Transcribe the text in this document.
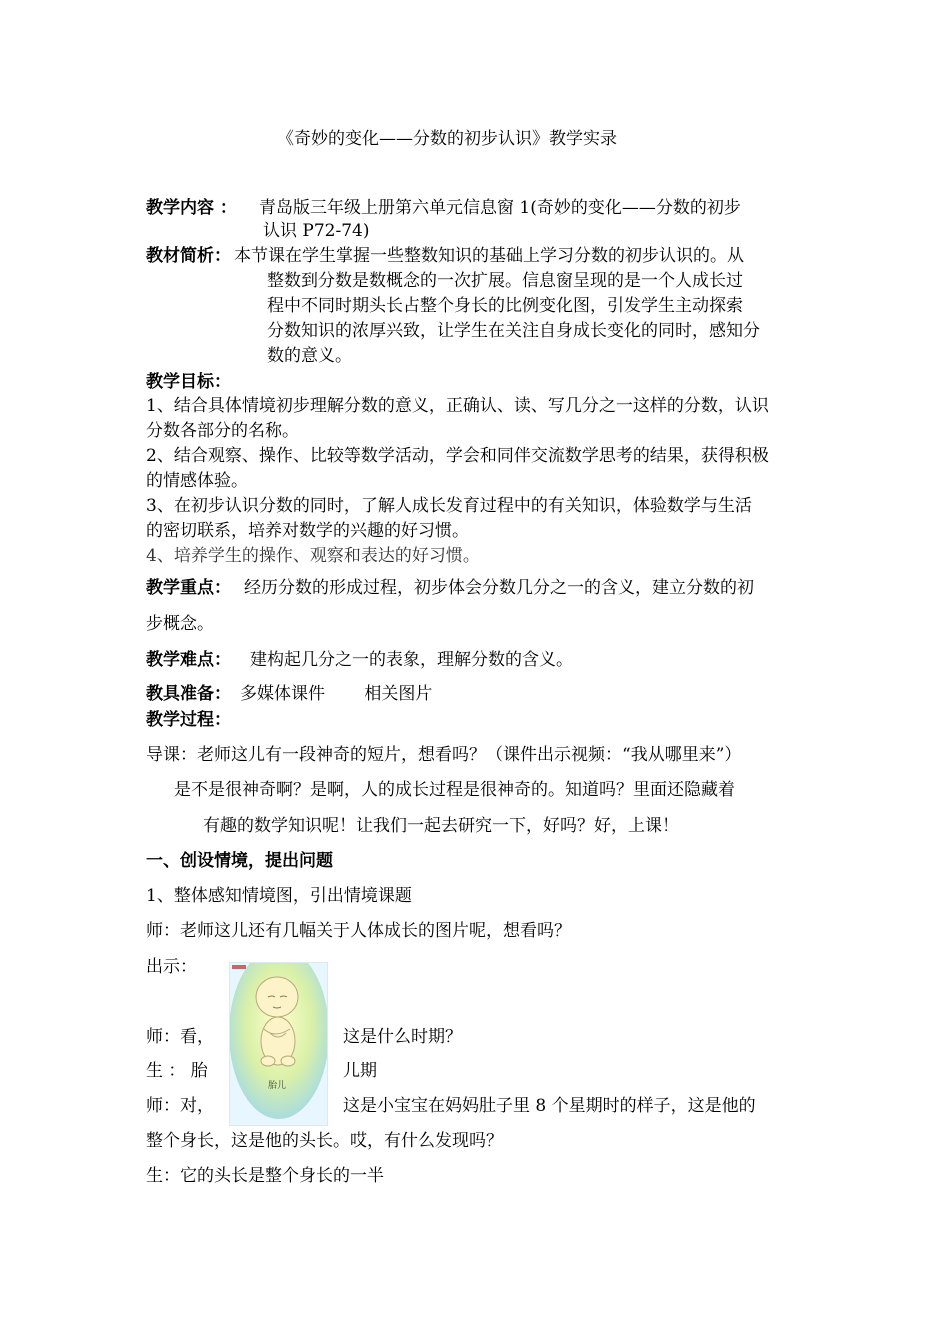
《奇妙的变化——分数的初步认识》教学实录
教学内容 ： 青岛版三年级上册第六单元信息窗 1(奇妙的变化——分数的初步
认识 P72-74)
教材简析： 本节课在学生掌握一些整数知识的基础上学习分数的初步认识的。从
整数到分数是数概念的一次扩展。信息窗呈现的是一个人成长过
程中不同时期头长占整个身长的比例变化图，引发学生主动探索
分数知识的浓厚兴致，让学生在关注自身成长变化的同时，感知分
数的意义。
教学目标：
1、结合具体情境初步理解分数的意义，正确认、读、写几分之一这样的分数，认识
分数各部分的名称。
2、结合观察、操作、比较等数学活动，学会和同伴交流数学思考的结果，获得积极
的情感体验。
3、在初步认识分数的同时，了解人成长发育过程中的有关知识，体验数学与生活
的密切联系，培养对数学的兴趣的好习惯。
4、培养学生的操作、观察和表达的好习惯。
教学重点： 经历分数的形成过程，初步体会分数几分之一的含义，建立分数的初
步概念。
教学难点： 建构起几分之一的表象，理解分数的含义。
教具准备： 多媒体课件　　 相关图片
教学过程：
导课：老师这儿有一段神奇的短片，想看吗？（课件出示视频：“我从哪里来”）
是不是很神奇啊？是啊，人的成长过程是很神奇的。知道吗？里面还隐藏着
有趣的数学知识呢！让我们一起去研究一下，好吗？好，上课！
一、创设情境，提出问题
1、整体感知情境图，引出情境课题
师：老师这儿还有几幅关于人体成长的图片呢，想看吗？
出示：
胎儿
师：看，	这是什么时期？
生 ： 胎	儿期
师：对，	这是小宝宝在妈妈肚子里 8 个星期时的样子，这是他的
整个身长，这是他的头长。哎，有什么发现吗？
生：它的头长是整个身长的一半
